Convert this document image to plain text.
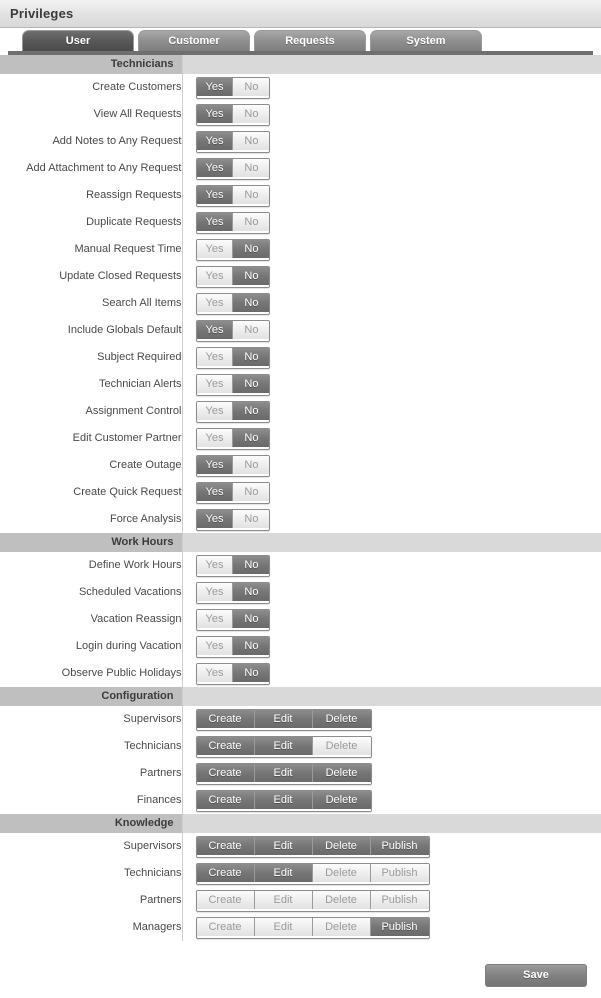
Privileges
User	Customer	Requests	System
Technicians	
Create Customers	Yes No

View All Requests	Yes No

Add Notes to Any Request	Yes No

Add Attachment to Any Request	Yes No

Reassign Requests	Yes No

Duplicate Requests	Yes No

Manual Request Time	Yes No

Update Closed Requests	Yes No

Search All Items	Yes No

Include Globals Default	Yes No

Subject Required	Yes No

Technician Alerts	Yes No

Assignment Control	Yes No

Edit Customer Partner	Yes No

Create Outage	Yes No

Create Quick Request	Yes No

Force Analysis	Yes No

Work Hours	
Define Work Hours	Yes No

Scheduled Vacations	Yes No

Vacation Reassign	Yes No

Login during Vacation	Yes No

Observe Public Holidays	Yes No

Configuration	
Supervisors	Create Edit Delete

Technicians	Create Edit Delete

Partners	Create Edit Delete

Finances	Create Edit Delete

Knowledge	
Supervisors	Create Edit Delete Publish

Technicians	Create Edit Delete Publish

Partners	Create Edit Delete Publish

Managers	Create Edit Delete Publish
Save
